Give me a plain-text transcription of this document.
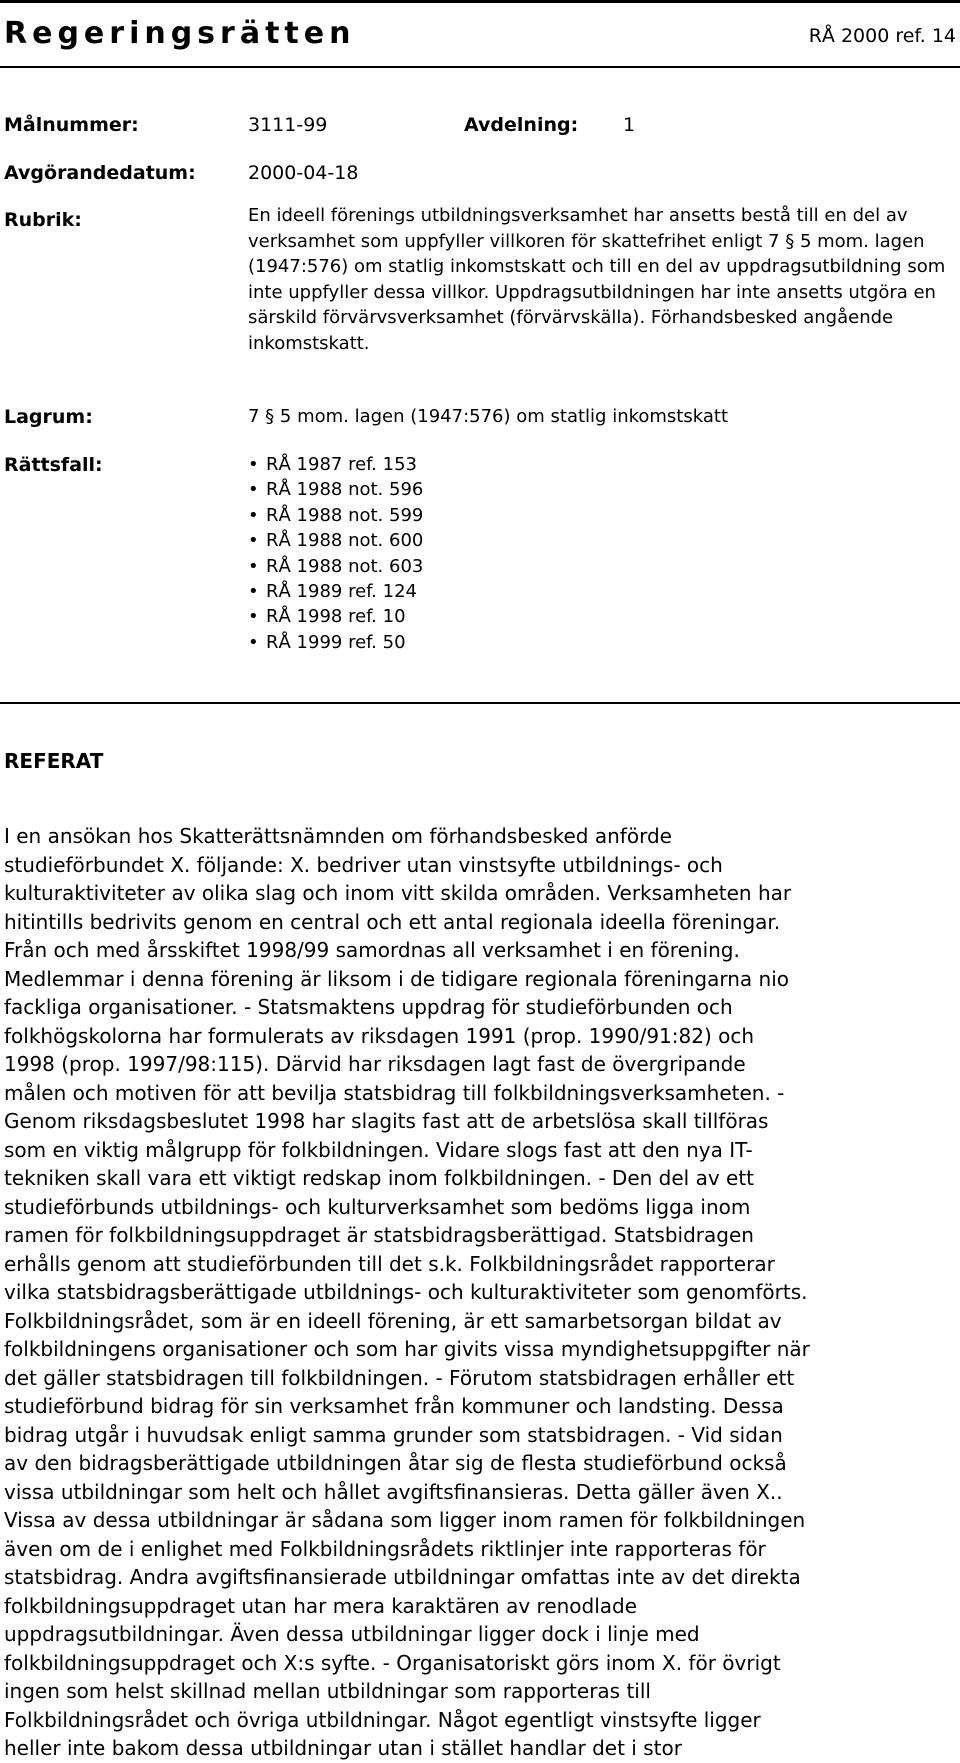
Regeringsrätten	RÅ 2000 ref. 14
Målnummer:	3111-99	Avdelning: 1
Avgörandedatum:	2000-04-18
Rubrik:	En ideell förenings utbildningsverksamhet har ansetts bestå till en del av verksamhet som uppfyller villkoren för skattefrihet enligt 7 § 5 mom. lagen (1947:576) om statlig inkomstskatt och till en del av uppdragsutbildning som inte uppfyller dessa villkor. Uppdragsutbildningen har inte ansetts utgöra en särskild förvärvsverksamhet (förvärvskälla). Förhandsbesked angående inkomstskatt.
Lagrum:	7 § 5 mom. lagen (1947:576) om statlig inkomstskatt
Rättsfall:	• RÅ 1987 ref. 153
• RÅ 1988 not. 596
• RÅ 1988 not. 599
• RÅ 1988 not. 600
• RÅ 1988 not. 603
• RÅ 1989 ref. 124
• RÅ 1998 ref. 10
• RÅ 1999 ref. 50
REFERAT
I en ansökan hos Skatterättsnämnden om förhandsbesked anförde
studieförbundet X. följande: X. bedriver utan vinstsyfte utbildnings- och
kulturaktiviteter av olika slag och inom vitt skilda områden. Verksamheten har
hitintills bedrivits genom en central och ett antal regionala ideella föreningar.
Från och med årsskiftet 1998/99 samordnas all verksamhet i en förening.
Medlemmar i denna förening är liksom i de tidigare regionala föreningarna nio
fackliga organisationer. - Statsmaktens uppdrag för studieförbunden och
folkhögskolorna har formulerats av riksdagen 1991 (prop. 1990/91:82) och
1998 (prop. 1997/98:115). Därvid har riksdagen lagt fast de övergripande
målen och motiven för att bevilja statsbidrag till folkbildningsverksamheten. -
Genom riksdagsbeslutet 1998 har slagits fast att de arbetslösa skall tillföras
som en viktig målgrupp för folkbildningen. Vidare slogs fast att den nya IT-
tekniken skall vara ett viktigt redskap inom folkbildningen. - Den del av ett
studieförbunds utbildnings- och kulturverksamhet som bedöms ligga inom
ramen för folkbildningsuppdraget är statsbidragsberättigad. Statsbidragen
erhålls genom att studieförbunden till det s.k. Folkbildningsrådet rapporterar
vilka statsbidragsberättigade utbildnings- och kulturaktiviteter som genomförts.
Folkbildningsrådet, som är en ideell förening, är ett samarbetsorgan bildat av
folkbildningens organisationer och som har givits vissa myndighetsuppgifter när
det gäller statsbidragen till folkbildningen. - Förutom statsbidragen erhåller ett
studieförbund bidrag för sin verksamhet från kommuner och landsting. Dessa
bidrag utgår i huvudsak enligt samma grunder som statsbidragen. - Vid sidan
av den bidragsberättigade utbildningen åtar sig de flesta studieförbund också
vissa utbildningar som helt och hållet avgiftsfinansieras. Detta gäller även X..
Vissa av dessa utbildningar är sådana som ligger inom ramen för folkbildningen
även om de i enlighet med Folkbildningsrådets riktlinjer inte rapporteras för
statsbidrag. Andra avgiftsfinansierade utbildningar omfattas inte av det direkta
folkbildningsuppdraget utan har mera karaktären av renodlade
uppdragsutbildningar. Även dessa utbildningar ligger dock i linje med
folkbildningsuppdraget och X:s syfte. - Organisatoriskt görs inom X. för övrigt
ingen som helst skillnad mellan utbildningar som rapporteras till
Folkbildningsrådet och övriga utbildningar. Något egentligt vinstsyfte ligger
heller inte bakom dessa utbildningar utan i stället handlar det i stor
